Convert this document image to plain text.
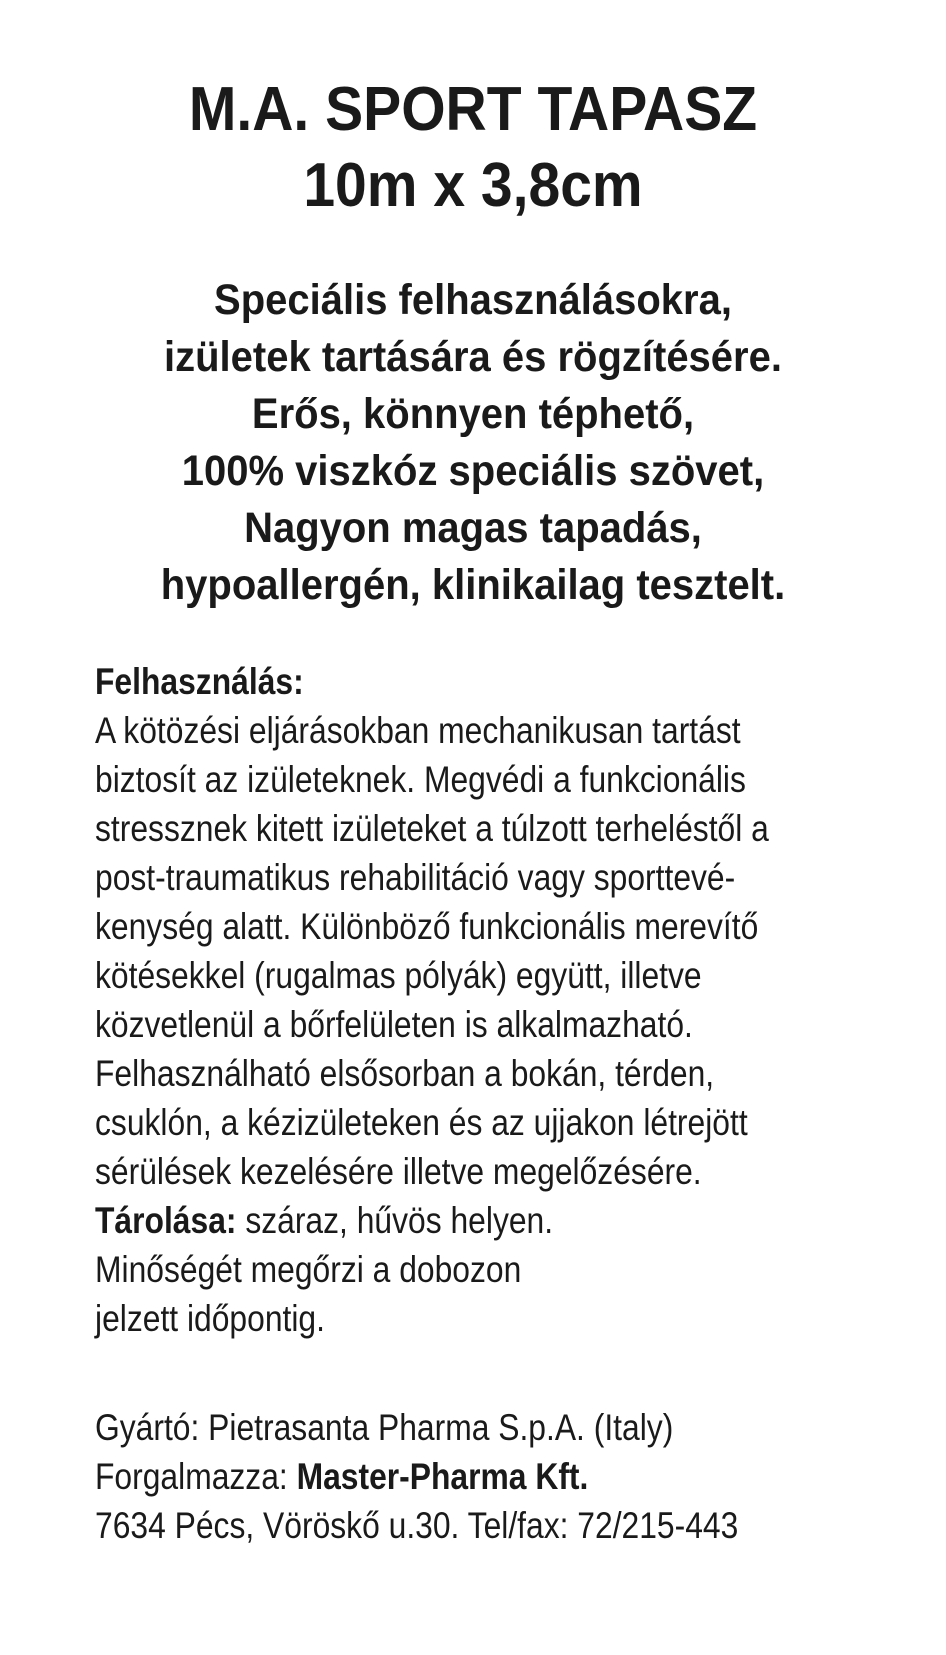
M.A. SPORT TAPASZ
10m x 3,8cm
Speciális felhasználásokra,
izületek tartására és rögzítésére.
Erős, könnyen téphető,
100% viszkóz speciális szövet,
Nagyon magas tapadás,
hypoallergén, klinikailag tesztelt.
Felhasználás:
A kötözési eljárásokban mechanikusan tartást
biztosít az izületeknek. Megvédi a funkcionális
stressznek kitett izületeket a túlzott terheléstől a
post-traumatikus rehabilitáció vagy sporttevé-
kenység alatt. Különböző funkcionális merevítő
kötésekkel (rugalmas pólyák) együtt, illetve
közvetlenül a bőrfelületen is alkalmazható.
Felhasználható elsősorban a bokán, térden,
csuklón, a kézizületeken és az ujjakon létrejött
sérülések kezelésére illetve megelőzésére.
Tárolása: száraz, hűvös helyen.
Minőségét megőrzi a dobozon
jelzett időpontig.
Gyártó: Pietrasanta Pharma S.p.A. (Italy)
Forgalmazza: Master-Pharma Kft.
7634 Pécs, Vöröskő u.30. Tel/fax: 72/215-443
